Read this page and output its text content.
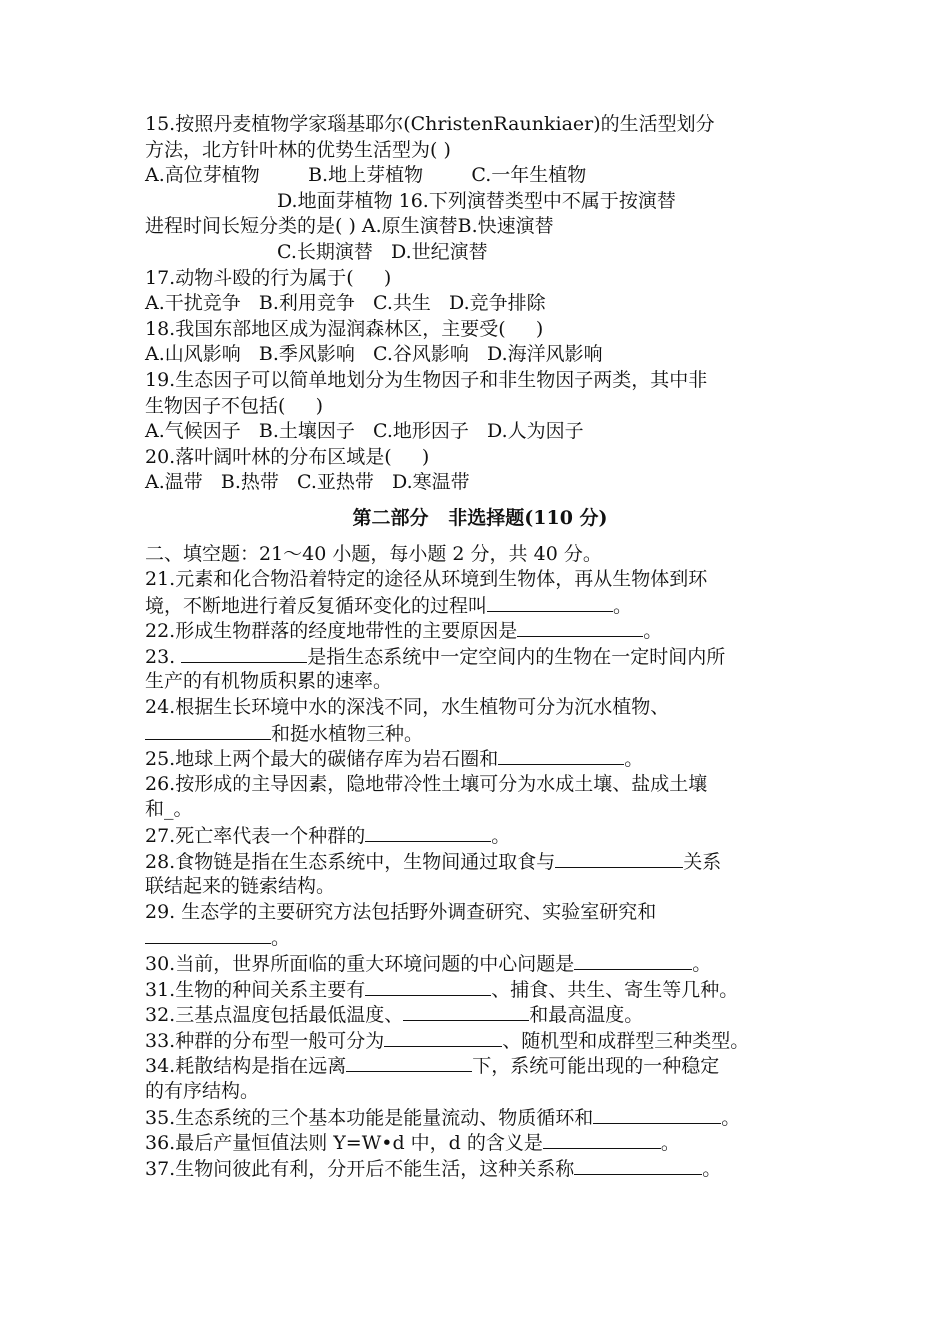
15.按照丹麦植物学家瑙基耶尔(ChristenRaunkiaer)的生活型划分
方法，北方针叶林的优势生活型为( )
A.高位芽植物        B.地上芽植物        C.一年生植物
D.地面芽植物 16.下列演替类型中不属于按演替
进程时间长短分类的是( ) A.原生演替B.快速演替
C.长期演替   D.世纪演替
17.动物斗殴的行为属于(     )
A.干扰竞争   B.利用竞争   C.共生   D.竞争排除
18.我国东部地区成为湿润森林区，主要受(     )
A.山风影响   B.季风影响   C.谷风影响   D.海洋风影响
19.生态因子可以简单地划分为生物因子和非生物因子两类，其中非
生物因子不包括(     )
A.气候因子   B.土壤因子   C.地形因子   D.人为因子
20.落叶阔叶林的分布区域是(     )
A.温带   B.热带   C.亚热带   D.寒温带
第二部分   非选择题(110 分)
二、填空题：21～40 小题，每小题 2 分，共 40 分。
21.元素和化合物沿着特定的途径从环境到生物体，再从生物体到环
境，不断地进行着反复循环变化的过程叫	。
22.形成生物群落的经度地带性的主要原因是	。
23.	是指生态系统中一定空间内的生物在一定时间内所
生产的有机物质积累的速率。
24.根据生长环境中水的深浅不同，水生植物可分为沉水植物、
和挺水植物三种。
25.地球上两个最大的碳储存库为岩石圈和	。
26.按形成的主导因素，隐地带冷性土壤可分为水成土壤、盐成土壤
和_。
27.死亡率代表一个种群的	。
28.食物链是指在生态系统中，生物间通过取食与	关系
联结起来的链索结构。
29. 生态学的主要研究方法包括野外调查研究、实验室研究和
。
30.当前，世界所面临的重大环境问题的中心问题是	。
31.生物的种间关系主要有	、捕食、共生、寄生等几种。
32.三基点温度包括最低温度、	和最高温度。
33.种群的分布型一般可分为	、随机型和成群型三种类型。
34.耗散结构是指在远离	下，系统可能出现的一种稳定
的有序结构。
35.生态系统的三个基本功能是能量流动、物质循环和	。
36.最后产量恒值法则 Y=W•d 中，d 的含义是	。
37.生物问彼此有利，分开后不能生活，这种关系称	。
